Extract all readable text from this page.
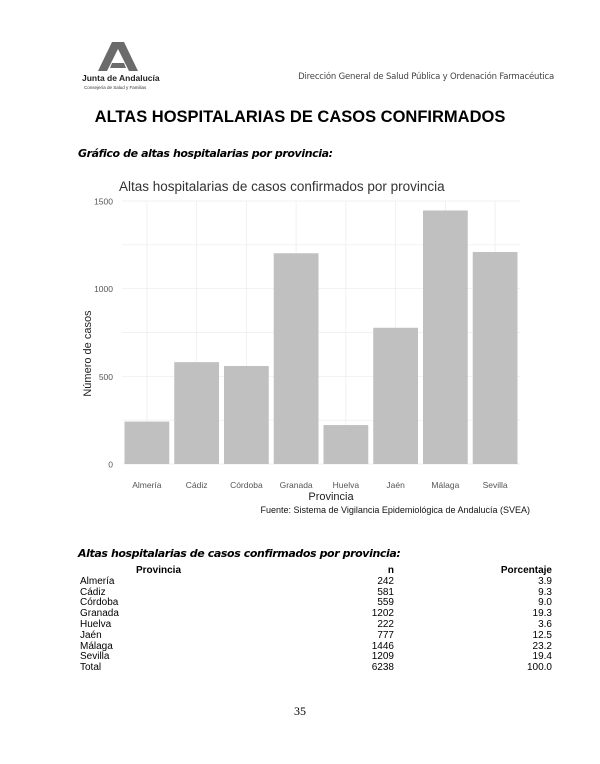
Junta de Andalucía
Consejería de Salud y Familias
Dirección General de Salud Pública y Ordenación Farmacéutica
ALTAS HOSPITALARIAS DE CASOS CONFIRMADOS
Gráfico de altas hospitalarias por provincia:
Altas hospitalarias de casos confirmados por provincia
0
500
1000
1500
Almería	Cádiz	Córdoba Granada Huelva	Jaén	Málaga	Sevilla
Provincia
Número de casos
Fuente: Sistema de Vigilancia Epidemiológica de Andalucía (SVEA)
Altas hospitalarias de casos confirmados por provincia:
Provincia	n	Porcentaje
Almería	242	3.9
Cádiz	581	9.3
Córdoba	559	9.0
Granada	1202	19.3
Huelva	222	3.6
Jaén	777	12.5
Málaga	1446	23.2
Sevilla	1209	19.4
Total	6238	100.0
35
